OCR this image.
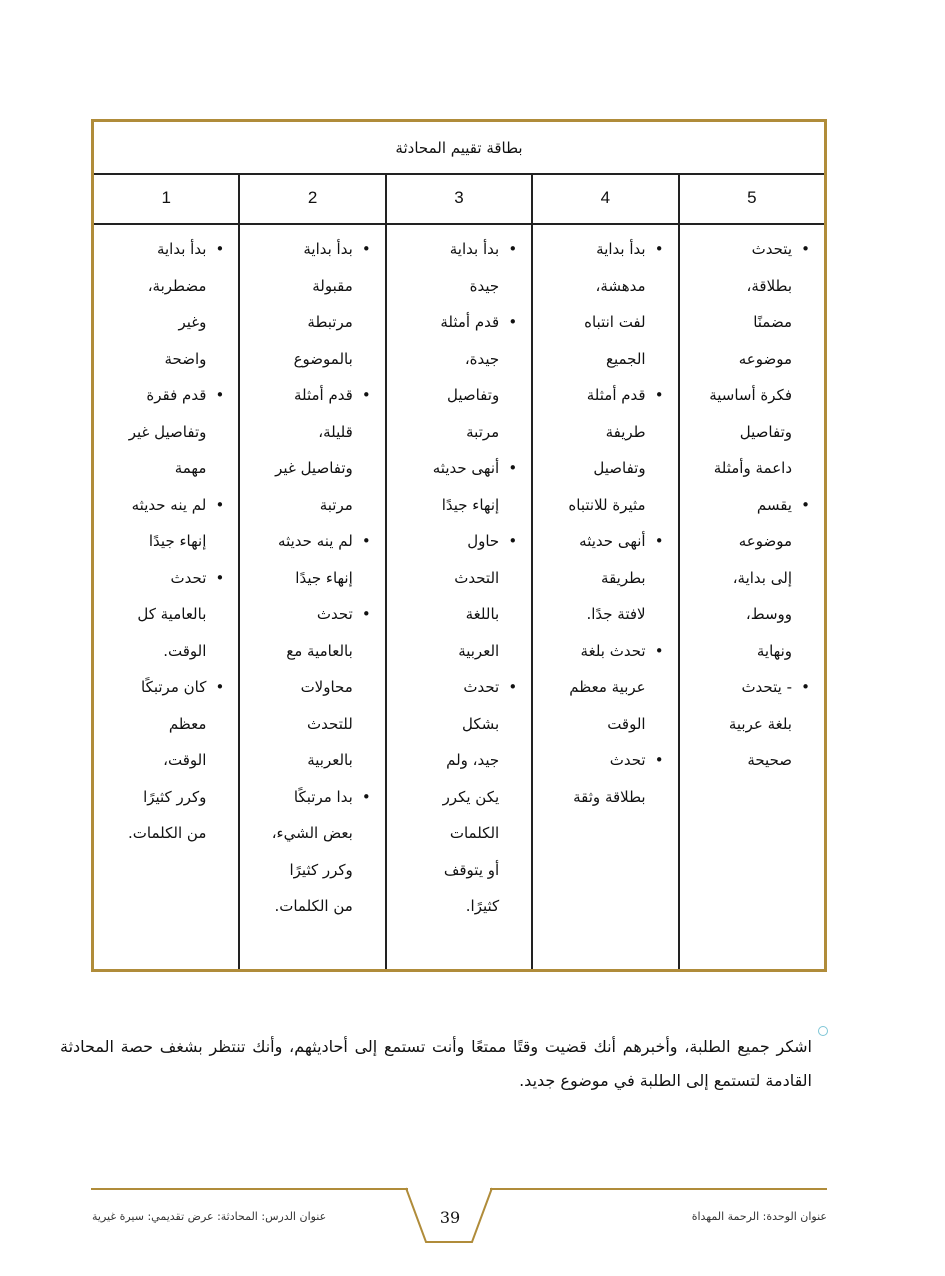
بطاقة تقييم المحادثة
5
4
3
2
1
• يتحدث
بطلاقة،
مضمنًا
موضوعه
فكرة أساسية
وتفاصيل
داعمة وأمثلة
• يقسم
موضوعه
إلى بداية،
ووسط،
ونهاية
• - يتحدث
بلغة عربية
صحيحة
• بدأ بداية
مدهشة،
لفت انتباه
الجميع
• قدم أمثلة
طريفة
وتفاصيل
مثيرة للانتباه
• أنهى حديثه
بطريقة
لافتة جدًا.
• تحدث بلغة
عربية معظم
الوقت
• تحدث
بطلاقة وثقة
• بدأ بداية
جيدة
• قدم أمثلة
جيدة،
وتفاصيل
مرتبة
• أنهى حديثه
إنهاء جيدًا
• حاول
التحدث
باللغة
العربية
• تحدث
بشكل
جيد، ولم
يكن يكرر
الكلمات
أو يتوقف
كثيرًا.
• بدأ بداية
مقبولة
مرتبطة
بالموضوع
• قدم أمثلة
قليلة،
وتفاصيل غير
مرتبة
• لم ينه حديثه
إنهاء جيدًا
• تحدث
بالعامية مع
محاولات
للتحدث
بالعربية
• بدا مرتبكًا
بعض الشيء،
وكرر كثيرًا
من الكلمات.
• بدأ بداية
مضطربة،
وغير
واضحة
• قدم فقرة
وتفاصيل غير
مهمة
• لم ينه حديثه
إنهاء جيدًا
• تحدث
بالعامية كل
الوقت.
• كان مرتبكًا
معظم
الوقت،
وكرر كثيرًا
من الكلمات.

اشكر جميع الطلبة، وأخبرهم أنك قضيت وقتًا ممتعًا وأنت تستمع إلى أحاديثهم، وأنك تنتظر بشغف حصة المحادثة القادمة لتستمع إلى الطلبة في موضوع جديد.

39	عنوان الوحدة: الرحمة المهداة
عنوان الدرس: المحادثة: عرض تقديمي: سيرة غيرية
